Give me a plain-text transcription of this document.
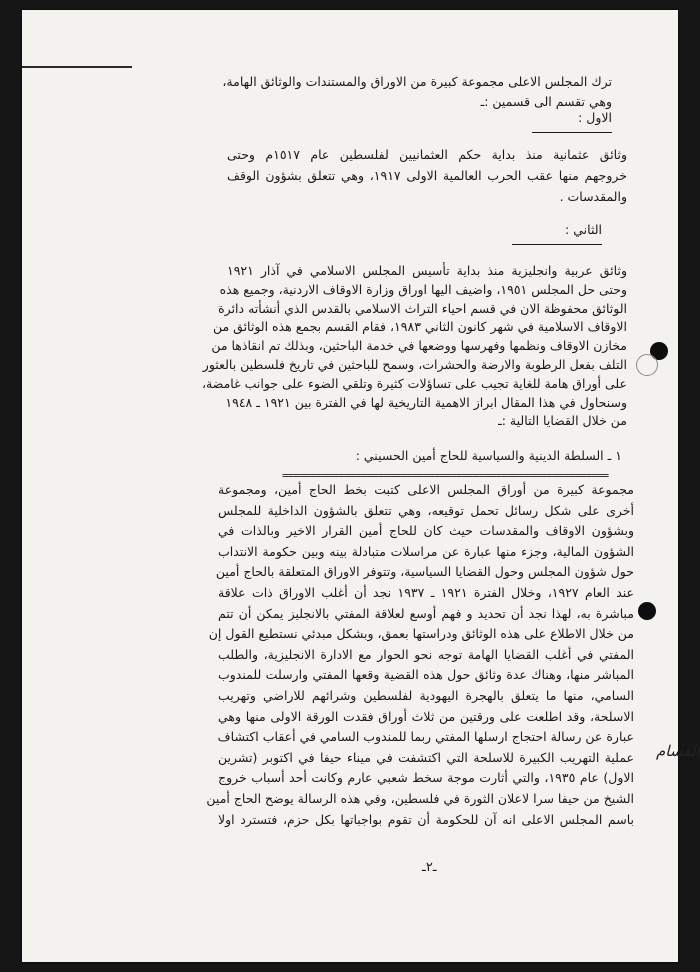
ترك المجلس الاعلى مجموعة كبيرة من الاوراق والمستندات والوثائق الهامة،
وهي تقسم الى قسمين :ـ
الاول :
وثائق عثمانية منذ بداية حكم العثمانيين لفلسطين عام ١٥١٧م وحتى
خروجهم منها عقب الحرب العالمية الاولى ١٩١٧، وهي تتعلق بشؤون الوقف
والمقدسات .
الثاني :
وثائق عربية وانجليزية منذ بداية تأسيس المجلس الاسلامي في آذار ١٩٢١
وحتى حل المجلس ١٩٥١، واضيف اليها اوراق وزارة الاوقاف الاردنية، وجميع هذه
الوثائق محفوظة الان في قسم احياء التراث الاسلامي بالقدس الذي أنشأته دائرة
الاوقاف الاسلامية في شهر كانون الثاني ١٩٨٣، فقام القسم بجمع هذه الوثائق من
مخازن الاوقاف ونظمها وفهرسها ووضعها في خدمة الباحثين، وبذلك تم انقاذها من
التلف بفعل الرطوبة والارضة والحشرات، وسمح للباحثين في تاريخ فلسطين بالعثور
على أوراق هامة للغاية تجيب على تساؤلات كثيرة وتلقي الضوء على جوانب غامضة،
وسنحاول في هذا المقال ابراز الاهمية التاريخية لها في الفترة بين ١٩٢١ ـ ١٩٤٨
من خلال القضايا التالية :ـ
١ ـ السلطة الدينية والسياسية للحاج أمين الحسيني :
==========================================================
مجموعة كبيرة من أوراق المجلس الاعلى كتبت بخط الحاج أمين، ومجموعة
أخرى على شكل رسائل تحمل توقيعه، وهي تتعلق بالشؤون الداخلية للمجلس
وبشؤون الاوقاف والمقدسات حيث كان للحاج أمين القرار الاخير وبالذات في
الشؤون المالية، وجزء منها عبارة عن مراسلات متبادلة بينه وبين حكومة الانتداب
حول شؤون المجلس وحول القضايا السياسية، وتتوفر الاوراق المتعلقة بالحاج أمين
عند العام ١٩٢٧، وخلال الفترة ١٩٢١ ـ ١٩٣٧ نجد أن أغلب الاوراق ذات علاقة
مباشرة به، لهذا نجد أن تحديد و فهم أوسع لعلاقة المفتي بالانجليز يمكن أن تتم
من خلال الاطلاع على هذه الوثائق ودراستها بعمق، وبشكل مبدئي نستطيع القول إن
المفتي في أغلب القضايا الهامة توجه نحو الحوار مع الادارة الانجليزية، والطلب
المباشر منها، وهناك عدة وثائق حول هذه القضية وقعها المفتي وارسلت للمندوب
السامي، منها ما يتعلق بالهجرة اليهودية لفلسطين وشرائهم للاراضي وتهريب
الاسلحة، وقد اطلعت على ورقتين من ثلاث أوراق فقدت الورقة الاولى منها وهي
عبارة عن رسالة احتجاج ارسلها المفتي ربما للمندوب السامي في أعقاب اكتشاف
عملية التهريب الكبيرة للاسلحة التي اكتشفت في ميناء حيفا في اكتوبر (تشرين
الاول) عام ١٩٣٥، والتي أثارت موجة سخط شعبي عارم وكانت أحد أسباب خروج
الشيخ من حيفا سرا لاعلان الثورة في فلسطين، وفي هذه الرسالة يوضح الحاج أمين
باسم المجلس الاعلى انه آن للحكومة أن تقوم بواجباتها بكل حزم، فتسترد اولا
القسام
ـ٢ـ
